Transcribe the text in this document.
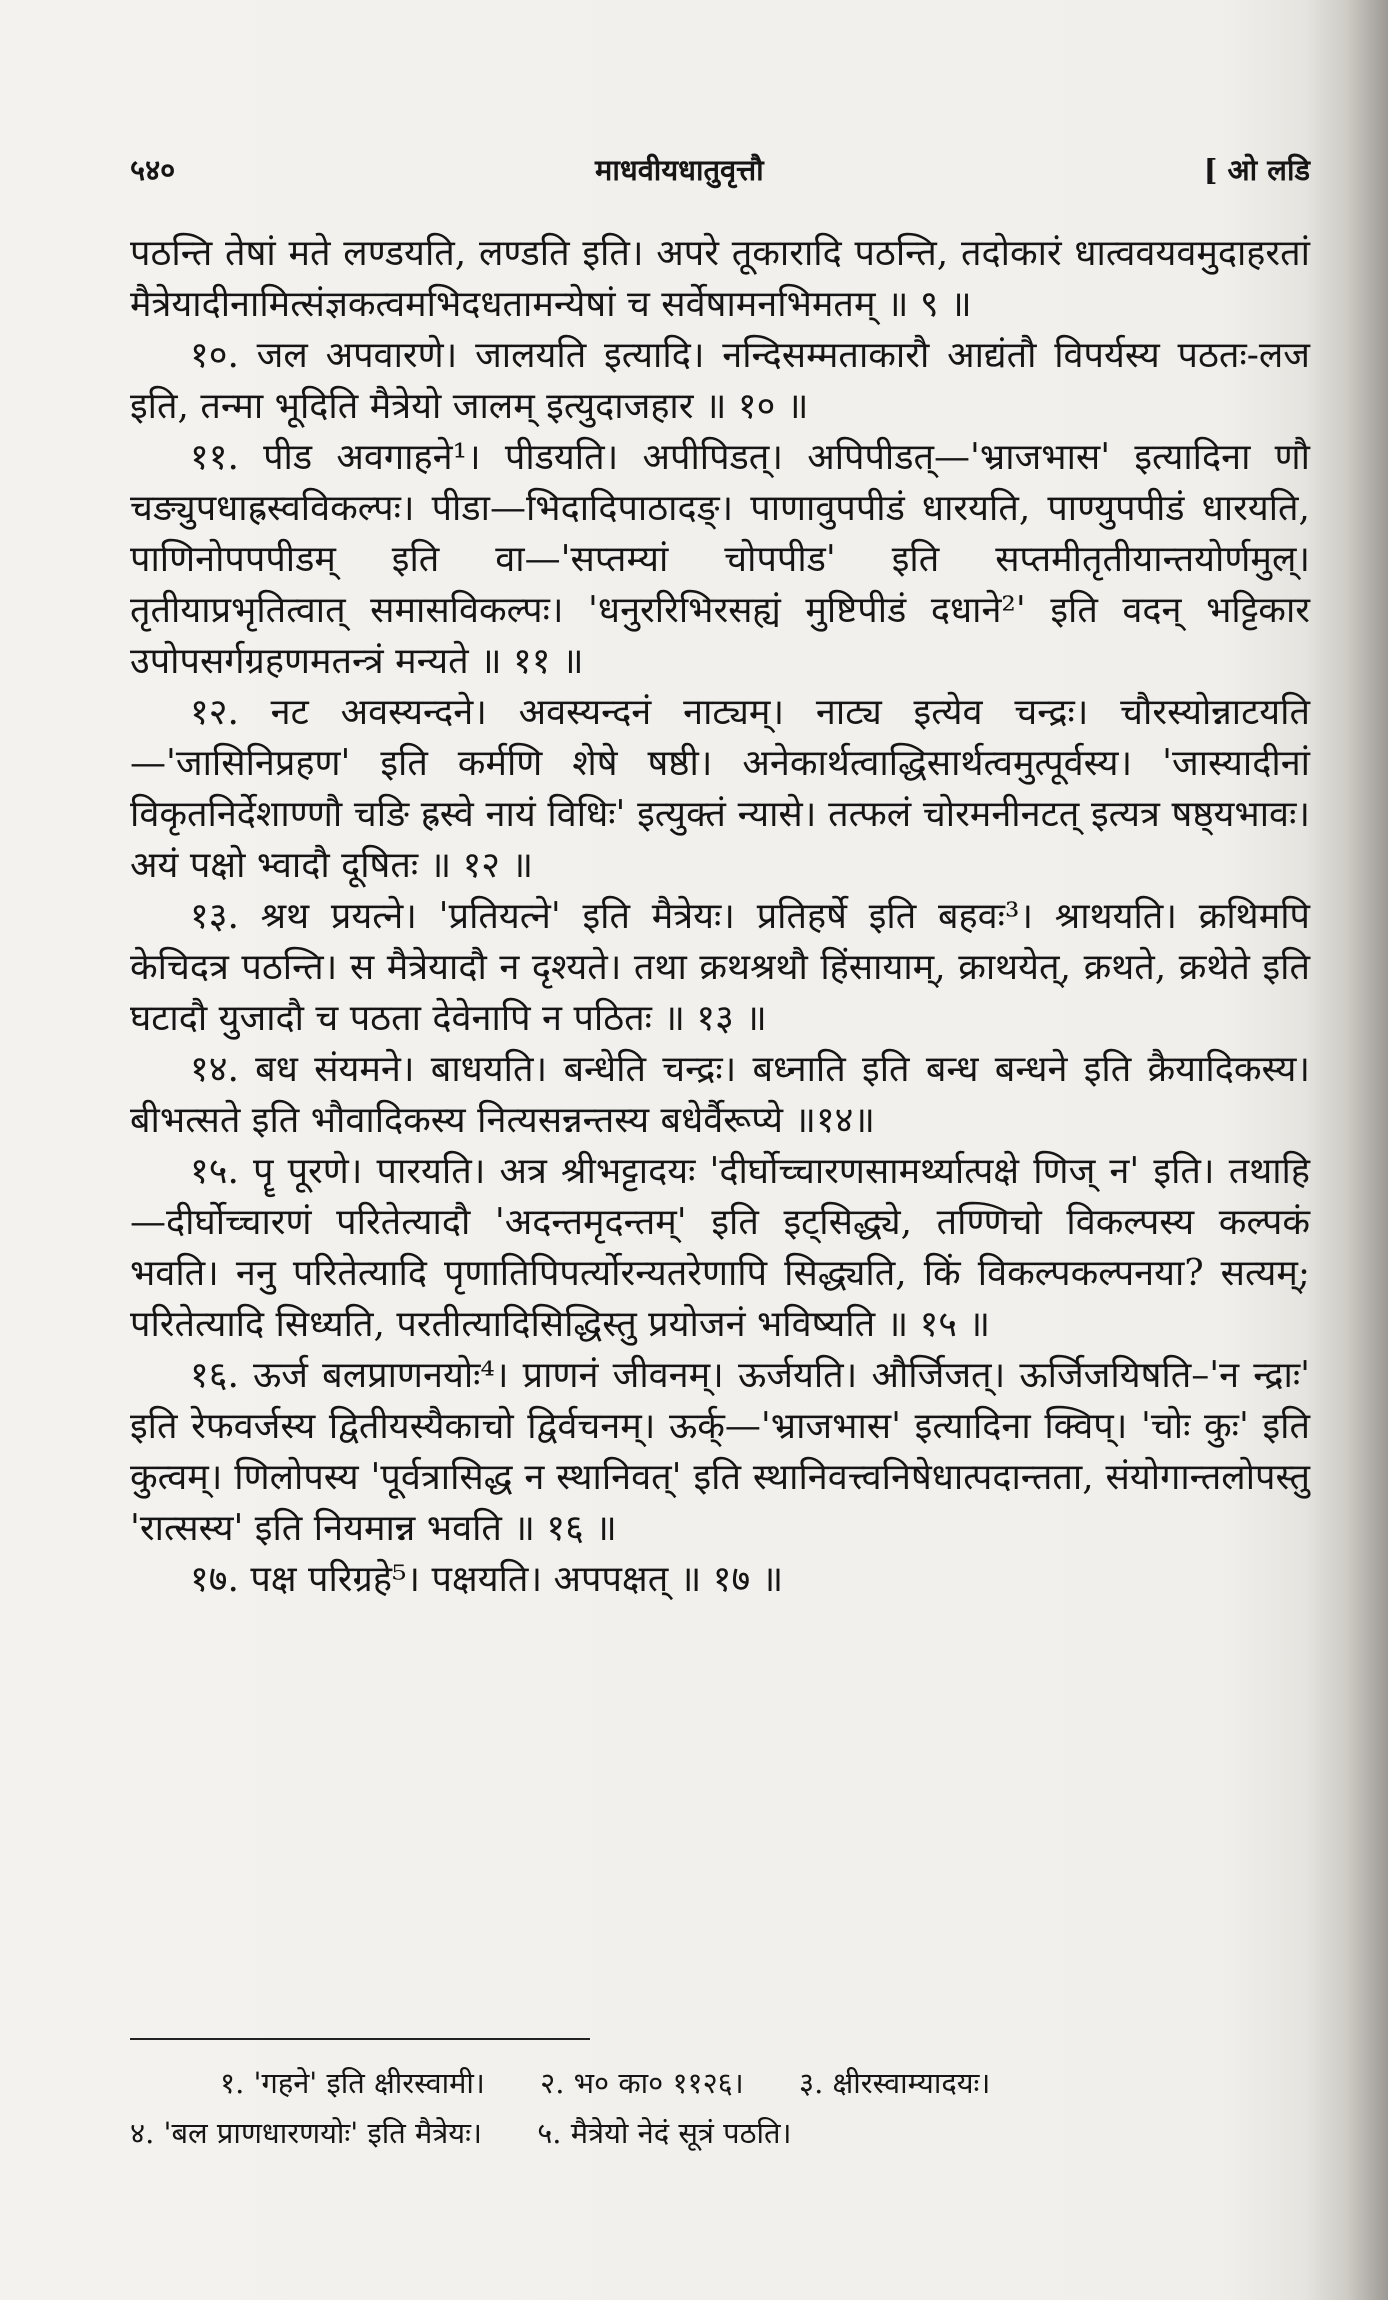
५४०	माधवीयधातुवृत्तौ	[ ओ लडि

पठन्ति तेषां मते लण्डयति, लण्डति इति। अपरे तूकारादि पठन्ति, तदोकारं धात्ववयवमुदाहरतां मैत्रेयादीनामित्संज्ञकत्वमभिदधतामन्येषां च सर्वेषामनभिमतम् ॥ ९ ॥

१०. जल अपवारणे। जालयति इत्यादि। नन्दिसम्मताकारौ आद्यंतौ विपर्यस्य पठतः-लज इति, तन्मा भूदिति मैत्रेयो जालम् इत्युदाजहार ॥ १० ॥

११. पीड अवगाहने¹। पीडयति। अपीपिडत्। अपिपीडत्—'भ्राजभास' इत्यादिना णौ चङ्युपधाह्रस्वविकल्पः। पीडा—भिदादिपाठादङ्। पाणावुपपीडं धारयति, पाण्युपपीडं धारयति, पाणिनोपपपीडम् इति वा—'सप्तम्यां चोपपीड' इति सप्तमीतृतीयान्तयोर्णमुल्। तृतीयाप्रभृतित्वात् समासविकल्पः। 'धनुररिभिरसह्यं मुष्टिपीडं दधाने²' इति वदन् भट्टिकार उपोपसर्गग्रहणमतन्त्रं मन्यते ॥ ११ ॥

१२. नट अवस्यन्दने। अवस्यन्दनं नाट्यम्। नाट्य इत्येव चन्द्रः। चौरस्योन्नाटयति—'जासिनिप्रहण' इति कर्मणि शेषे षष्ठी। अनेकार्थत्वाद्धिसार्थत्वमुत्पूर्वस्य। 'जास्यादीनां विकृतनिर्देशाण्णौ चङि ह्रस्वे नायं विधिः' इत्युक्तं न्यासे। तत्फलं चोरमनीनटत् इत्यत्र षष्ठ्यभावः। अयं पक्षो भ्वादौ दूषितः ॥ १२ ॥

१३. श्रथ प्रयत्ने। 'प्रतियत्ने' इति मैत्रेयः। प्रतिहर्षे इति बहवः³। श्राथयति। क्रथिमपि केचिदत्र पठन्ति। स मैत्रेयादौ न दृश्यते। तथा क्रथश्रथौ हिंसायाम्, क्राथयेत्, क्रथते, क्रथेते इति घटादौ युजादौ च पठता देवेनापि न पठितः ॥ १३ ॥

१४. बध संयमने। बाधयति। बन्धेति चन्द्रः। बध्नाति इति बन्ध बन्धने इति क्रैयादिकस्य। बीभत्सते इति भौवादिकस्य नित्यसन्नन्तस्य बधेर्वैरूप्ये ॥१४॥

१५. पॄ पूरणे। पारयति। अत्र श्रीभट्टादयः 'दीर्घोच्चारणसामर्थ्यात्पक्षे णिज् न' इति। तथाहि—दीर्घोच्चारणं परितेत्यादौ 'अदन्तमृदन्तम्' इति इट्सिद्ध्ये, तण्णिचो विकल्पस्य कल्पकं भवति। ननु परितेत्यादि पृणातिपिपर्त्योरन्यतरेणापि सिद्ध्यति, किं विकल्पकल्पनया? सत्यम्; परितेत्यादि सिध्यति, परतीत्यादिसिद्धिस्तु प्रयोजनं भविष्यति ॥ १५ ॥

१६. ऊर्ज बलप्राणनयोः⁴। प्राणनं जीवनम्। ऊर्जयति। और्जिजत्। ऊर्जिजयिषति–'न न्द्राः' इति रेफवर्जस्य द्वितीयस्यैकाचो द्विर्वचनम्। ऊर्क्—'भ्राजभास' इत्यादिना क्विप्। 'चोः कुः' इति कुत्वम्। णिलोपस्य 'पूर्वत्रासिद्ध न स्थानिवत्' इति स्थानिवत्त्वनिषेधात्पदान्तता, संयोगान्तलोपस्तु 'रात्सस्य' इति नियमान्न भवति ॥ १६ ॥

१७. पक्ष परिग्रहे⁵। पक्षयति। अपपक्षत् ॥ १७ ॥

१. 'गहने' इति क्षीरस्वामी। २. भ० का० ११२६। ३. क्षीरस्वाम्यादयः।
४. 'बल प्राणधारणयोः' इति मैत्रेयः। ५. मैत्रेयो नेदं सूत्रं पठति।
